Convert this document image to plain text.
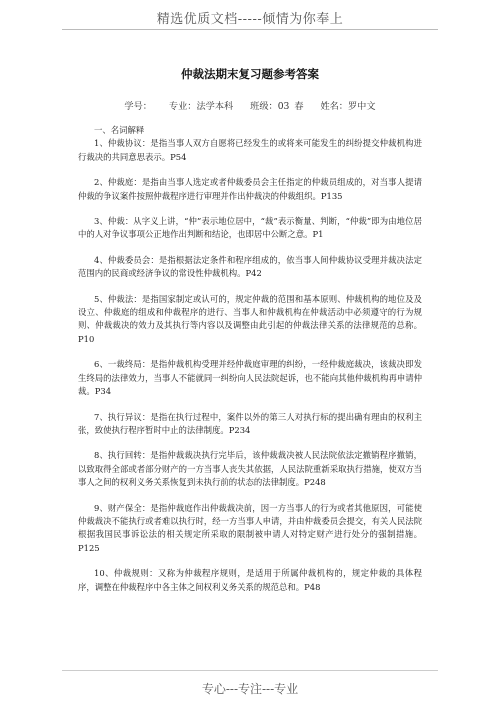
精选优质文档-----倾情为你奉上
仲裁法期末复习题参考答案
学号： 专业：法学本科 班级：03 春 姓名：罗中文

一、名词解释

1、仲裁协议：是指当事人双方自愿将已经发生的或将来可能发生的纠纷提交仲裁机构进行裁决的共同意思表示。P54

2、仲裁庭：是指由当事人选定或者仲裁委员会主任指定的仲裁员组成的，对当事人提请仲裁的争议案件按照仲裁程序进行审理并作出仲裁决的仲裁组织。P135

3、仲裁：从字义上讲，“仲”表示地位居中，“裁”表示衡量、判断，“仲裁”即为由地位居中的人对争议事项公正地作出判断和结论，也即居中公断之意。P1

4、仲裁委员会：是指根据法定条件和程序组成的，依当事人间仲裁协议受理并裁决法定范围内的民商或经济争议的常设性仲裁机构。P42

5、仲裁法：是指国家制定或认可的，规定仲裁的范围和基本原则、仲裁机构的地位及及设立、仲裁庭的组成和仲裁程序的进行、当事人和仲裁机构在仲裁活动中必须遵守的行为规则、仲裁裁决的效力及其执行等内容以及调整由此引起的仲裁法律关系的法律规范的总称。P10

6、一裁终局：是指仲裁机构受理并经仲裁庭审理的纠纷，一经仲裁庭裁决，该裁决即发生终局的法律效力，当事人不能就同一纠纷向人民法院起诉，也不能向其他仲裁机构再申请仲裁。P34

7、执行异议：是指在执行过程中，案件以外的第三人对执行标的提出确有理由的权利主张，致使执行程序暂时中止的法律制度。P234

8、执行回转：是指仲裁裁决执行完毕后，该仲裁裁决被人民法院依法定撤销程序撤销，以致取得全部或者部分财产的一方当事人丧失其依据，人民法院重新采取执行措施，使双方当事人之间的权利义务关系恢复到未执行前的状态的法律制度。P248

9、财产保全：是指仲裁庭作出仲裁裁决前，因一方当事人的行为或者其他原因，可能使仲裁裁决不能执行或者难以执行时，经一方当事人申请，并由仲裁委员会提交，有关人民法院根据我国民事诉讼法的相关规定所采取的限制被申请人对特定财产进行处分的强制措施。P125

10、仲裁规则：又称为仲裁程序规则，是适用于所属仲裁机构的，规定仲裁的具体程序，调整在仲裁程序中各主体之间权利义务关系的规范总和。P48

专心---专注---专业
